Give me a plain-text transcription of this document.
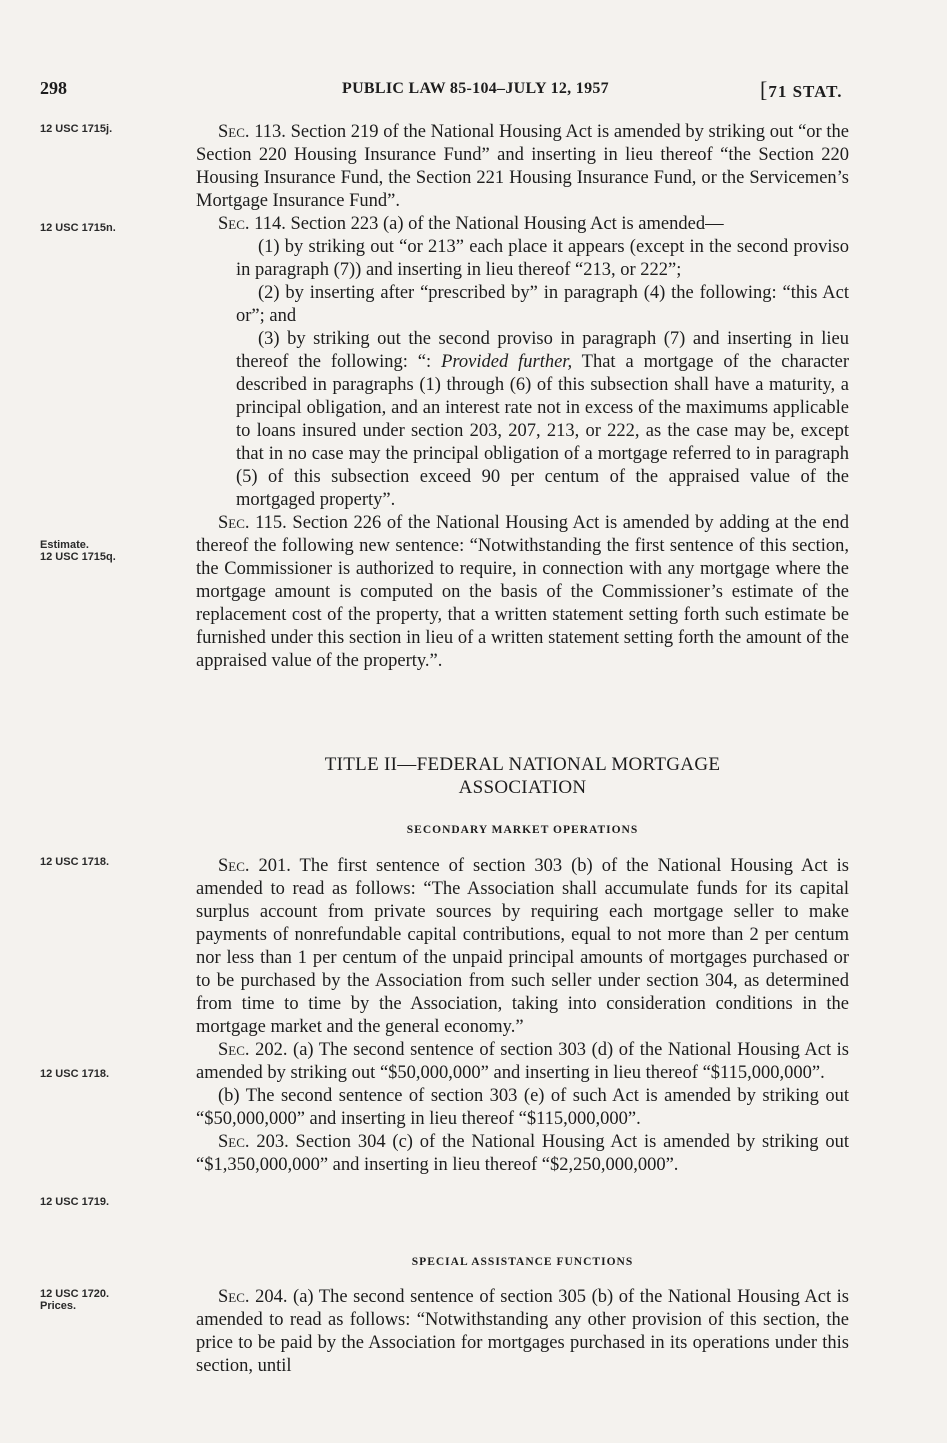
298	PUBLIC LAW 85-104–JULY 12, 1957	[71 STAT.
12 USC 1715j.
12 USC 1715n.
Estimate.
12 USC 1715q.
12 USC 1718.
12 USC 1718.
12 USC 1719.
12 USC 1720.
Prices.

Sec. 113. Section 219 of the National Housing Act is amended by striking out “or the Section 220 Housing Insurance Fund” and inserting in lieu thereof “the Section 220 Housing Insurance Fund, the Section 221 Housing Insurance Fund, or the Servicemen’s Mortgage Insurance Fund”.

Sec. 114. Section 223 (a) of the National Housing Act is amended—

(1) by striking out “or 213” each place it appears (except in the second proviso in paragraph (7)) and inserting in lieu thereof “213, or 222”;

(2) by inserting after “prescribed by” in paragraph (4) the following: “this Act or”; and

(3) by striking out the second proviso in paragraph (7) and inserting in lieu thereof the following: “: Provided further, That a mortgage of the character described in paragraphs (1) through (6) of this subsection shall have a maturity, a principal obligation, and an interest rate not in excess of the maximums applicable to loans insured under section 203, 207, 213, or 222, as the case may be, except that in no case may the principal obligation of a mortgage referred to in paragraph (5) of this subsection exceed 90 per centum of the appraised value of the mortgaged property”.

Sec. 115. Section 226 of the National Housing Act is amended by adding at the end thereof the following new sentence: “Notwithstanding the first sentence of this section, the Commissioner is authorized to require, in connection with any mortgage where the mortgage amount is computed on the basis of the Commissioner’s estimate of the replacement cost of the property, that a written statement setting forth such estimate be furnished under this section in lieu of a written statement setting forth the amount of the appraised value of the property.”.

TITLE II—FEDERAL NATIONAL MORTGAGE
ASSOCIATION
SECONDARY MARKET OPERATIONS

Sec. 201. The first sentence of section 303 (b) of the National Housing Act is amended to read as follows: “The Association shall accumulate funds for its capital surplus account from private sources by requiring each mortgage seller to make payments of nonrefundable capital contributions, equal to not more than 2 per centum nor less than 1 per centum of the unpaid principal amounts of mortgages purchased or to be purchased by the Association from such seller under section 304, as determined from time to time by the Association, taking into consideration conditions in the mortgage market and the general economy.”

Sec. 202. (a) The second sentence of section 303 (d) of the National Housing Act is amended by striking out “$50,000,000” and inserting in lieu thereof “$115,000,000”.

(b) The second sentence of section 303 (e) of such Act is amended by striking out “$50,000,000” and inserting in lieu thereof “$115,000,000”.

Sec. 203. Section 304 (c) of the National Housing Act is amended by striking out “$1,350,000,000” and inserting in lieu thereof “$2,250,000,000”.

SPECIAL ASSISTANCE FUNCTIONS

Sec. 204. (a) The second sentence of section 305 (b) of the National Housing Act is amended to read as follows: “Notwithstanding any other provision of this section, the price to be paid by the Association for mortgages purchased in its operations under this section, until
